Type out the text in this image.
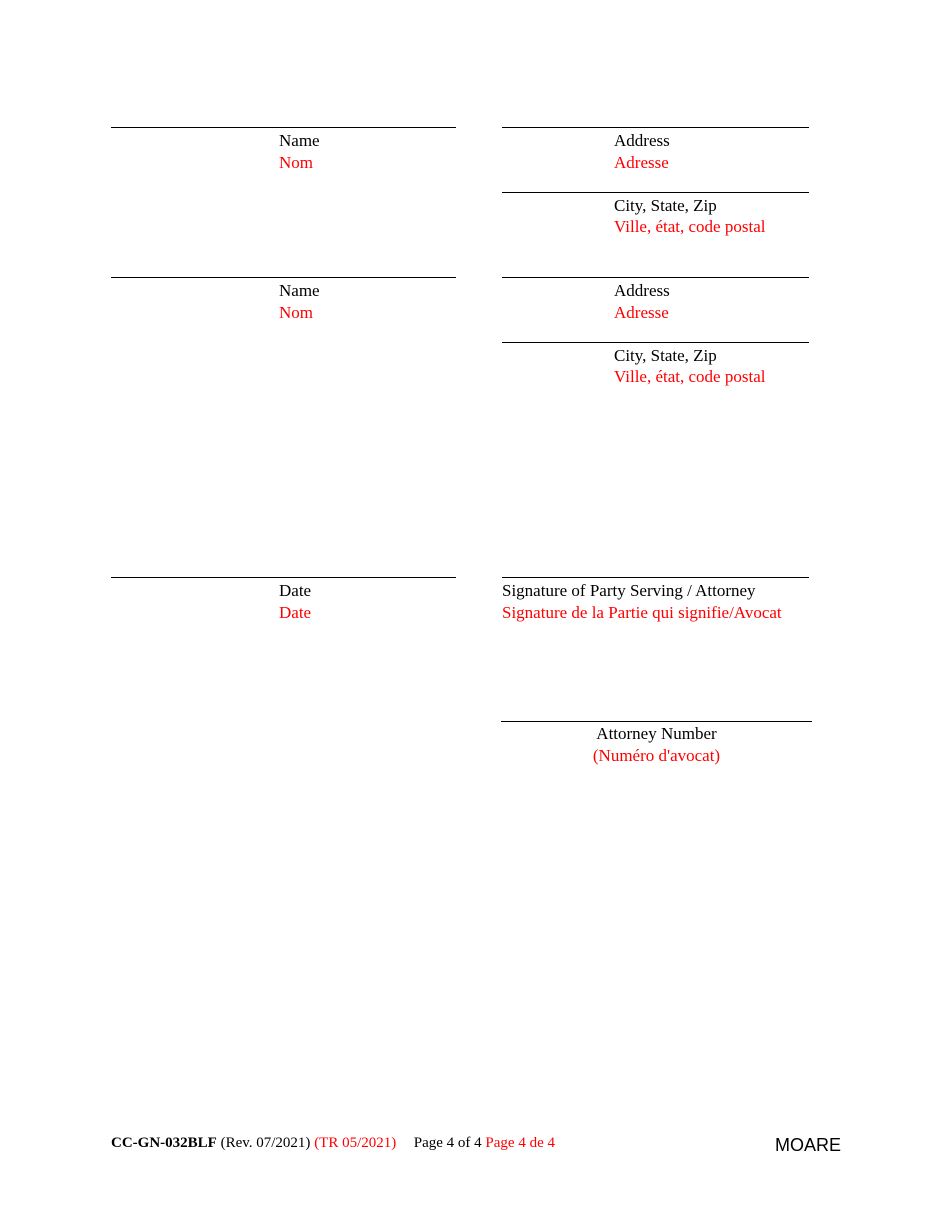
Name
Nom
Address
Adresse
City, State, Zip
Ville, état, code postal
Name
Nom
Address
Adresse
City, State, Zip
Ville, état, code postal
Date
Date
Signature of Party Serving / Attorney
Signature de la Partie qui signifie/Avocat
Attorney Number
(Numéro d'avocat)
CC-GN-032BLF (Rev. 07/2021) (TR 05/2021) Page 4 of 4 Page 4 de 4	MOARE
